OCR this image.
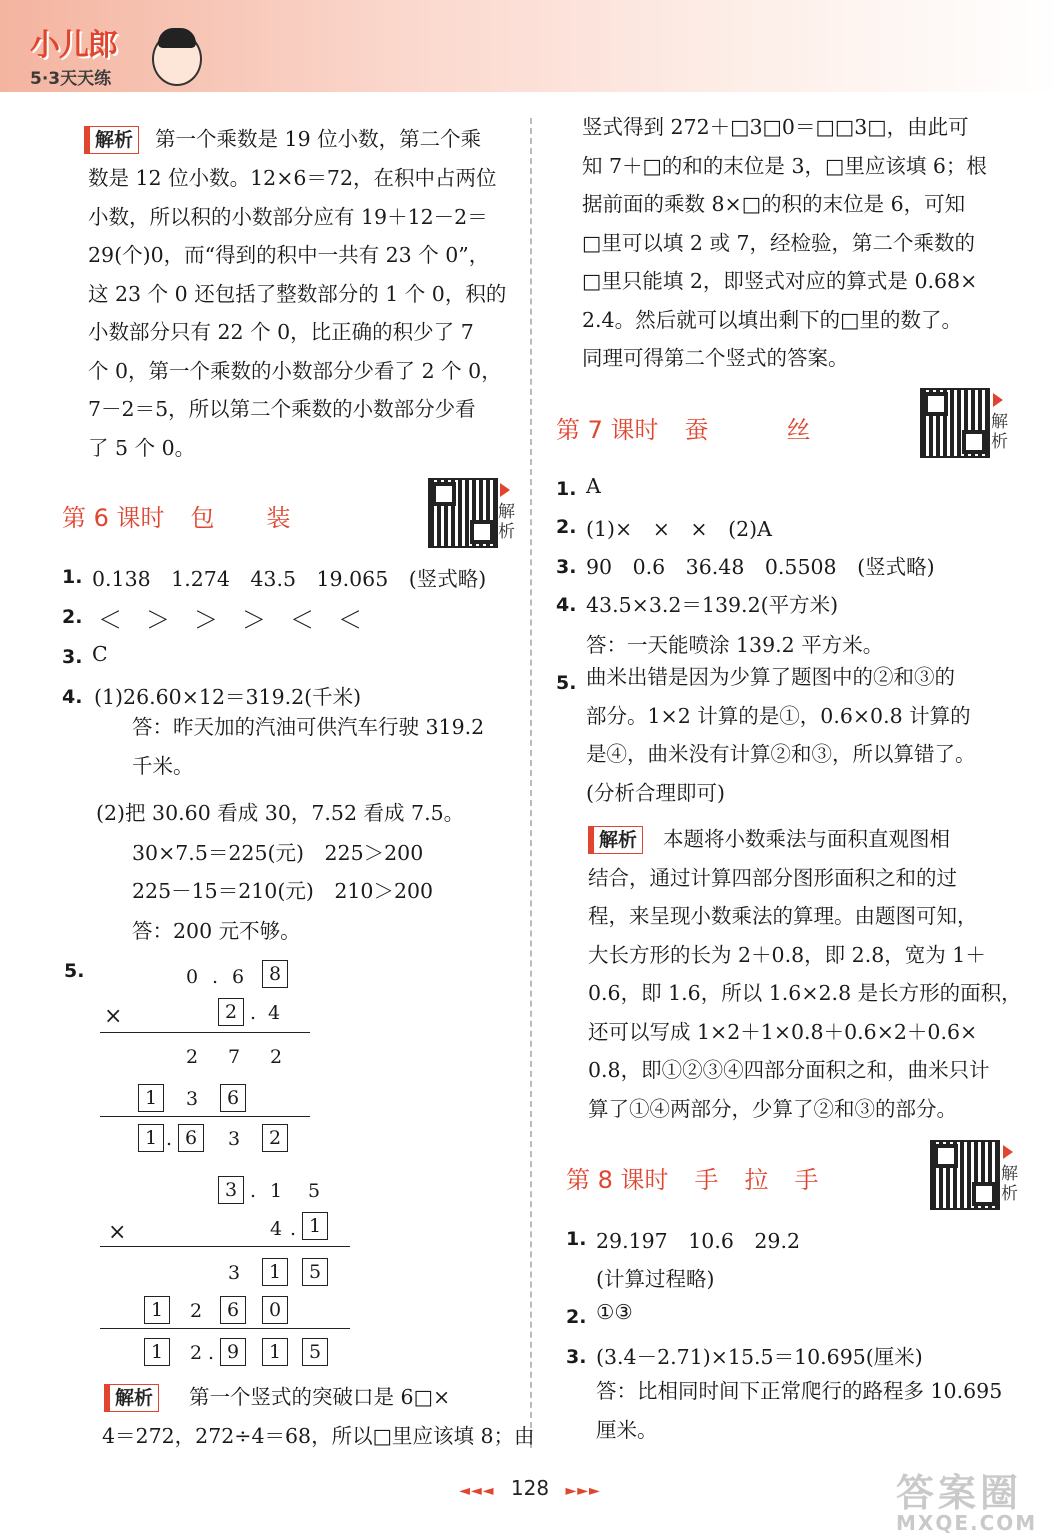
小儿郎
5·3天天练
解析 第一个乘数是 19 位小数，第二个乘
数是 12 位小数。12×6＝72，在积中占两位
小数，所以积的小数部分应有 19＋12－2＝
29(个)0，而“得到的积中一共有 23 个 0”，
这 23 个 0 还包括了整数部分的 1 个 0，积的
小数部分只有 22 个 0，比正确的积少了 7
个 0，第一个乘数的小数部分少看了 2 个 0，
7－2＝5，所以第二个乘数的小数部分少看
了 5 个 0。
第 6 课时 包 装	解
析
1. 0.138　1.274　43.5　19.065　(竖式略)
2. ＜　＞　＞　＞　＜　＜
3. C
4. (1)26.60×12＝319.2(千米)
答：昨天加的汽油可供汽车行驶 319.2
千米。
(2)把 30.60 看成 30，7.52 看成 7.5。
30×7.5＝225(元)　225＞200
225－15＝210(元)　210＞200
答：200 元不够。
5.	0 . 6	8
×	2 . 4
2 7 2
1	3	6
1 . 6	3	2
3 . 1 5
×	4 . 1
3	1	5
1	2	6	0
1	2 . 9	1	5
解析 第一个竖式的突破口是 6□×
4＝272，272÷4＝68，所以□里应该填 8；由
竖式得到 272＋□3□0＝□□3□，由此可
知 7＋□的和的末位是 3，□里应该填 6；根
据前面的乘数 8×□的积的末位是 6，可知
□里可以填 2 或 7，经检验，第二个乘数的
□里只能填 2，即竖式对应的算式是 0.68×
2.4。然后就可以填出剩下的□里的数了。
同理可得第二个竖式的答案。
第 7 课时 蚕	丝	解
析
1. A
2. (1)×　×　×　(2)A
3. 90　0.6　36.48　0.5508　(竖式略)
4. 43.5×3.2＝139.2(平方米)
答：一天能喷涂 139.2 平方米。
5. 曲米出错是因为少算了题图中的②和③的
部分。1×2 计算的是①，0.6×0.8 计算的
是④，曲米没有计算②和③，所以算错了。
(分析合理即可)
解析 本题将小数乘法与面积直观图相
结合，通过计算四部分图形面积之和的过
程，来呈现小数乘法的算理。由题图可知，
大长方形的长为 2＋0.8，即 2.8，宽为 1＋
0.6，即 1.6，所以 1.6×2.8 是长方形的面积，
还可以写成 1×2＋1×0.8＋0.6×2＋0.6×
0.8，即①②③④四部分面积之和，曲米只计
算了①④两部分，少算了②和③的部分。
第 8 课时 手 拉 手	解
析
1. 29.197　10.6　29.2
(计算过程略)
2. ①③
3. (3.4－2.71)×15.5＝10.695(厘米)
答：比相同时间下正常爬行的路程多 10.695
厘米。
◄◄◄ 128 ►►►	答案圈
MXQE.COM
